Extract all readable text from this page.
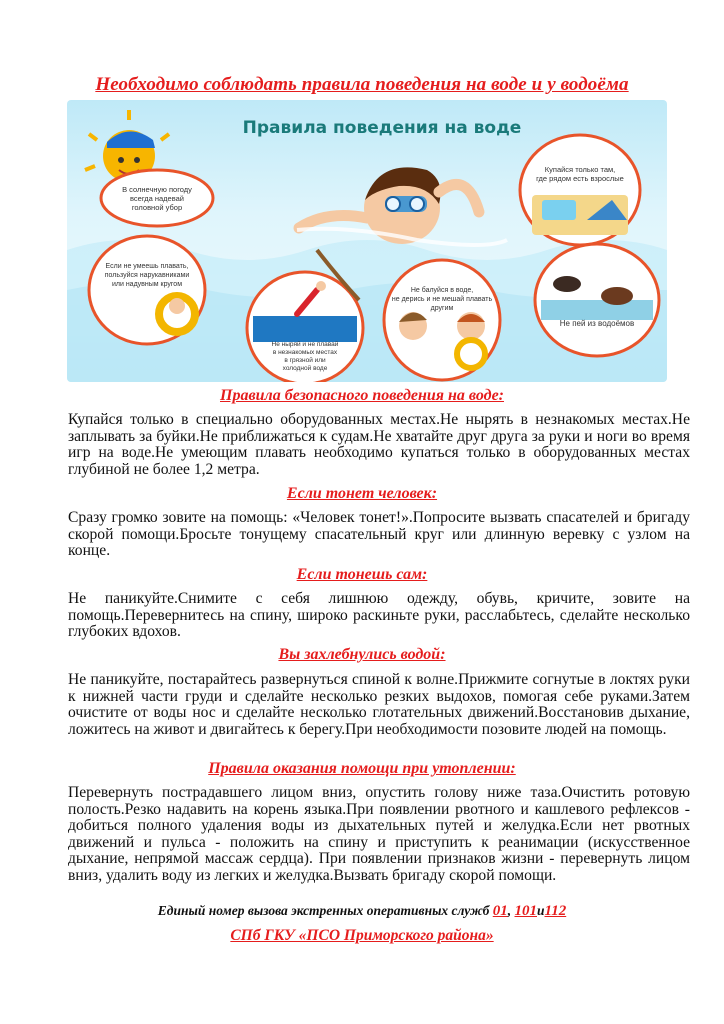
Необходимо соблюдать правила поведения на воде и у водоёма
В солнечную погоду всегда надевай головной убор
Купайся только там, где рядом есть взрослые
Если не умеешь плавать, пользуйся нарукавниками или надувным кругом
Не ныряй и не плавай в незнакомых местах в грязной или холодной воде
Не балуйся в воде, не дерись и не мешай плавать другим
Не пей из водоёмов
Правила поведения на воде
Правила безопасного поведения на воде:
Купайся только в специально оборудованных местах.Не нырять в незнакомых местах.Не заплывать за буйки.Не приближаться к судам.Не хватайте друг друга за руки и ноги во время игр на воде.Не умеющим плавать необходимо купаться только в оборудованных местах глубиной не более 1,2 метра.
Если тонет человек:
Сразу громко зовите на помощь: «Человек тонет!».Попросите вызвать спасателей и бригаду скорой помощи.Бросьте тонущему спасательный круг или длинную веревку с узлом на конце.
Если тонешь сам:
Не паникуйте.Снимите с себя лишнюю одежду, обувь, кричите, зовите на помощь.Перевернитесь на спину, широко раскиньте руки, расслабьтесь, сделайте несколько глубоких вдохов.
Вы захлебнулись водой:
Не паникуйте, постарайтесь развернуться спиной к волне.Прижмите согнутые в локтях руки к нижней части груди и сделайте несколько резких выдохов, помогая себе руками.Затем очистите от воды нос и сделайте несколько глотательных движений.Восстановив дыхание, ложитесь на живот и двигайтесь к берегу.При необходимости позовите людей на помощь.
Правила оказания помощи при утоплении:
Перевернуть пострадавшего лицом вниз, опустить голову ниже таза.Очистить ротовую полость.Резко надавить на корень языка.При появлении рвотного и кашлевого рефлексов - добиться полного удаления воды из дыхательных путей и желудка.Если нет рвотных движений и пульса - положить на спину и приступить к реанимации (искусственное дыхание, непрямой массаж сердца). При появлении признаков жизни - перевернуть лицом вниз, удалить воду из легких и желудка.Вызвать бригаду скорой помощи.
Единый номер вызова экстренных оперативных служб 01, 101и112
СПб ГКУ «ПСО Приморского района»
